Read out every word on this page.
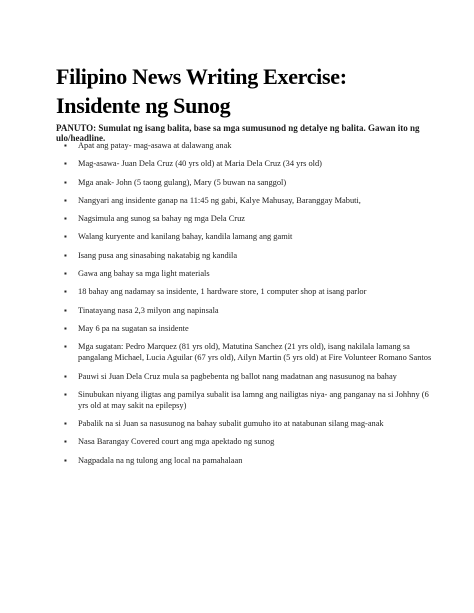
Filipino News Writing Exercise:
Insidente ng Sunog

PANUTO: Sumulat ng isang balita, base sa mga sumusunod ng detalye ng balita. Gawan ito ng ulo/headline.

▪ Apat ang patay- mag-asawa at dalawang anak
▪ Mag-asawa- Juan Dela Cruz (40 yrs old) at Maria Dela Cruz (34 yrs old)
▪ Mga anak- John (5 taong gulang), Mary (5 buwan na sanggol)
▪ Nangyari ang insidente ganap na 11:45 ng gabi, Kalye Mahusay, Baranggay Mabuti,
▪ Nagsimula ang sunog sa bahay ng mga Dela Cruz
▪ Walang kuryente and kanilang bahay, kandila lamang ang gamit
▪ Isang pusa ang sinasabing nakatabig ng kandila
▪ Gawa ang bahay sa mga light materials
▪ 18 bahay ang nadamay sa insidente, 1 hardware store, 1 computer shop at isang parlor
▪ Tinatayang nasa 2,3 milyon ang napinsala
▪ May 6 pa na sugatan sa insidente
▪ Mga sugatan: Pedro Marquez (81 yrs old), Matutina Sanchez (21 yrs old), isang nakilala lamang sa pangalang Michael, Lucia Aguilar (67 yrs old), Ailyn Martin (5 yrs old) at Fire Volunteer Romano Santos
▪ Pauwi si Juan Dela Cruz mula sa pagbebenta ng ballot nang madatnan ang nasusunog na bahay
▪ Sinubukan niyang iligtas ang pamilya subalit isa lamng ang nailigtas niya- ang panganay na si Johhny (6 yrs old at may sakit na epilepsy)
▪ Pabalik na si Juan sa nasusunog na bahay subalit gumuho ito at natabunan silang mag-anak
▪ Nasa Barangay Covered court ang mga apektado ng sunog
▪ Nagpadala na ng tulong ang local na pamahalaan
